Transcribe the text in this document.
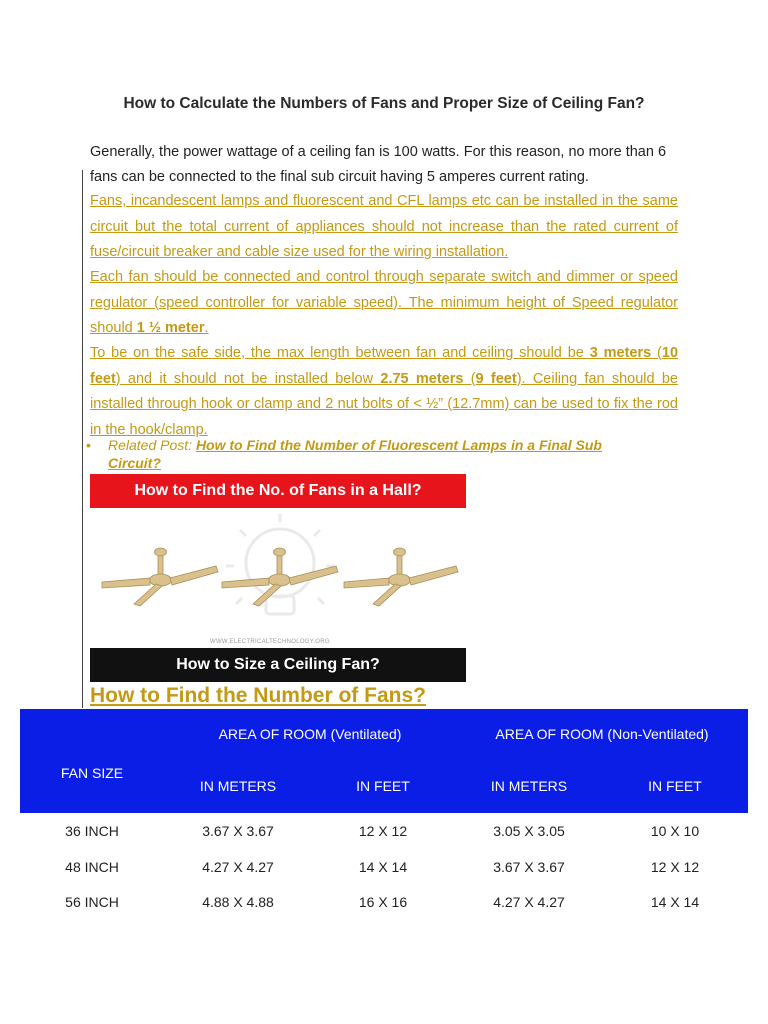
How to Calculate the Numbers of Fans and Proper Size of Ceiling Fan?
Generally, the power wattage of a ceiling fan is 100 watts. For this reason, no more than 6 fans can be connected to the final sub circuit having 5 amperes current rating.
Fans, incandescent lamps and fluorescent and CFL lamps etc can be installed in the same circuit but the total current of appliances should not increase than the rated current of fuse/circuit breaker and cable size used for the wiring installation.
Each fan should be connected and control through separate switch and dimmer or speed regulator (speed controller for variable speed). The minimum height of Speed regulator should 1 ½ meter.
To be on the safe side, the max length between fan and ceiling should be 3 meters (10 feet) and it should not be installed below 2.75 meters (9 feet). Ceiling fan should be installed through hook or clamp and 2 nut bolts of < ½” (12.7mm) can be used to fix the rod in the hook/clamp.
• Related Post: How to Find the Number of Fluorescent Lamps in a Final Sub
Circuit?
How to Find the No. of Fans in a Hall?
WWW.ELECTRICALTECHNOLOGY.ORG
How to Size a Ceiling Fan?
How to Find the Number of Fans?
FAN SIZE
AREA OF ROOM (Ventilated)	AREA OF ROOM (Non-Ventilated)
IN METERS	IN FEET	IN METERS	IN FEET
36 INCH	3.67 X 3.67	12 X 12	3.05 X 3.05	10 X 10
48 INCH	4.27 X 4.27	14 X 14	3.67 X 3.67	12 X 12
56 INCH	4.88 X 4.88	16 X 16	4.27 X 4.27	14 X 14
